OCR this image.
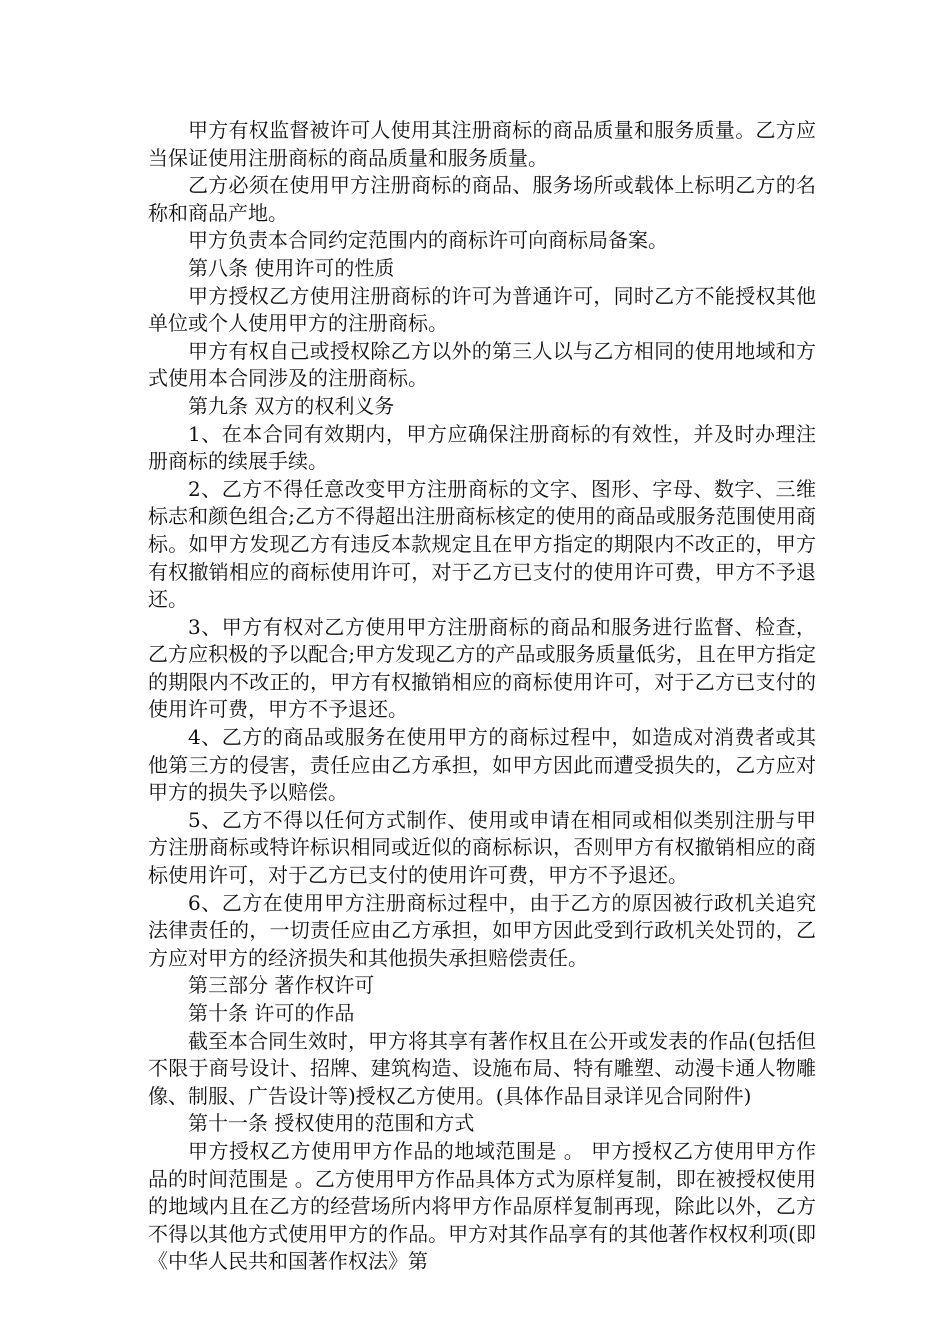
甲方有权监督被许可人使用其注册商标的商品质量和服务质量。乙方应当保证使用注册商标的商品质量和服务质量。

乙方必须在使用甲方注册商标的商品、服务场所或载体上标明乙方的名称和商品产地。

甲方负责本合同约定范围内的商标许可向商标局备案。

第八条 使用许可的性质

甲方授权乙方使用注册商标的许可为普通许可，同时乙方不能授权其他单位或个人使用甲方的注册商标。

甲方有权自己或授权除乙方以外的第三人以与乙方相同的使用地域和方式使用本合同涉及的注册商标。

第九条 双方的权利义务

1、在本合同有效期内，甲方应确保注册商标的有效性，并及时办理注册商标的续展手续。

2、乙方不得任意改变甲方注册商标的文字、图形、字母、数字、三维标志和颜色组合;乙方不得超出注册商标核定的使用的商品或服务范围使用商标。如甲方发现乙方有违反本款规定且在甲方指定的期限内不改正的，甲方有权撤销相应的商标使用许可，对于乙方已支付的使用许可费，甲方不予退还。

3、甲方有权对乙方使用甲方注册商标的商品和服务进行监督、检查，乙方应积极的予以配合;甲方发现乙方的产品或服务质量低劣，且在甲方指定的期限内不改正的，甲方有权撤销相应的商标使用许可，对于乙方已支付的使用许可费，甲方不予退还。

4、乙方的商品或服务在使用甲方的商标过程中，如造成对消费者或其他第三方的侵害，责任应由乙方承担，如甲方因此而遭受损失的，乙方应对甲方的损失予以赔偿。

5、乙方不得以任何方式制作、使用或申请在相同或相似类别注册与甲方注册商标或特许标识相同或近似的商标标识，否则甲方有权撤销相应的商标使用许可，对于乙方已支付的使用许可费，甲方不予退还。

6、乙方在使用甲方注册商标过程中，由于乙方的原因被行政机关追究法律责任的，一切责任应由乙方承担，如甲方因此受到行政机关处罚的，乙方应对甲方的经济损失和其他损失承担赔偿责任。

第三部分 著作权许可

第十条 许可的作品

截至本合同生效时，甲方将其享有著作权且在公开或发表的作品(包括但不限于商号设计、招牌、建筑构造、设施布局、特有雕塑、动漫卡通人物雕像、制服、广告设计等)授权乙方使用。(具体作品目录详见合同附件)

第十一条 授权使用的范围和方式

甲方授权乙方使用甲方作品的地域范围是 。 甲方授权乙方使用甲方作品的时间范围是 。乙方使用甲方作品具体方式为原样复制，即在被授权使用的地域内且在乙方的经营场所内将甲方作品原样复制再现，除此以外，乙方不得以其他方式使用甲方的作品。甲方对其作品享有的其他著作权权利项(即《中华人民共和国著作权法》第
